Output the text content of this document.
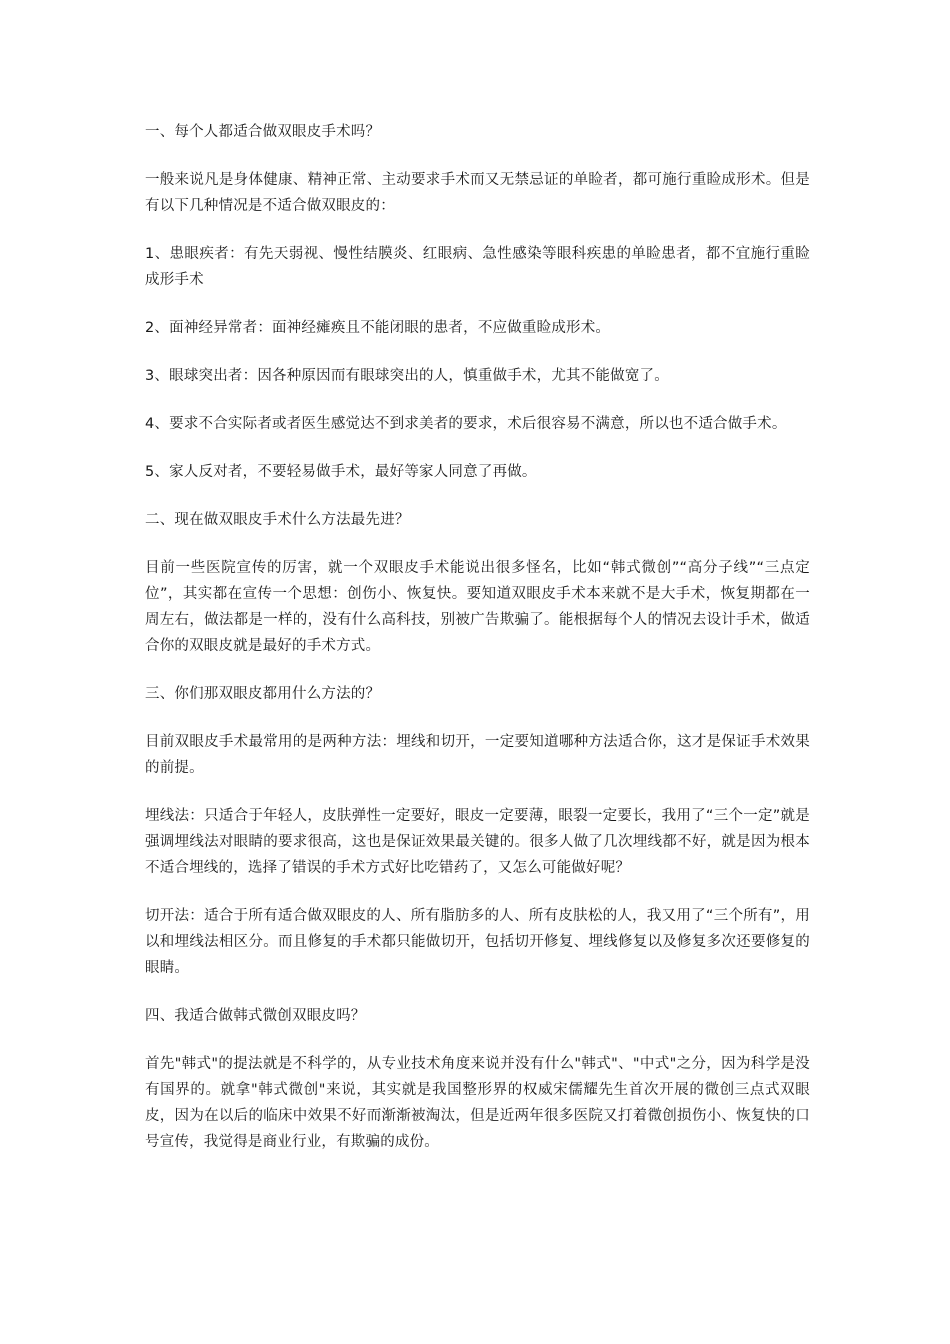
一、每个人都适合做双眼皮手术吗？

一般来说凡是身体健康、精神正常、主动要求手术而又无禁忌证的单睑者，都可施行重睑成形术。但是有以下几种情况是不适合做双眼皮的：

1、患眼疾者：有先天弱视、慢性结膜炎、红眼病、急性感染等眼科疾患的单睑患者，都不宜施行重睑成形手术

2、面神经异常者：面神经瘫痪且不能闭眼的患者，不应做重睑成形术。

3、眼球突出者：因各种原因而有眼球突出的人，慎重做手术，尤其不能做宽了。

4、要求不合实际者或者医生感觉达不到求美者的要求，术后很容易不满意，所以也不适合做手术。

5、家人反对者，不要轻易做手术，最好等家人同意了再做。

二、现在做双眼皮手术什么方法最先进？

目前一些医院宣传的厉害，就一个双眼皮手术能说出很多怪名，比如“韩式微创”“高分子线”“三点定位”，其实都在宣传一个思想：创伤小、恢复快。要知道双眼皮手术本来就不是大手术，恢复期都在一周左右，做法都是一样的，没有什么高科技，别被广告欺骗了。能根据每个人的情况去设计手术，做适合你的双眼皮就是最好的手术方式。

三、你们那双眼皮都用什么方法的？

目前双眼皮手术最常用的是两种方法：埋线和切开，一定要知道哪种方法适合你，这才是保证手术效果的前提。

埋线法：只适合于年轻人，皮肤弹性一定要好，眼皮一定要薄，眼裂一定要长，我用了“三个一定”就是强调埋线法对眼睛的要求很高，这也是保证效果最关键的。很多人做了几次埋线都不好，就是因为根本不适合埋线的，选择了错误的手术方式好比吃错药了，又怎么可能做好呢？

切开法：适合于所有适合做双眼皮的人、所有脂肪多的人、所有皮肤松的人，我又用了“三个所有”，用以和埋线法相区分。而且修复的手术都只能做切开，包括切开修复、埋线修复以及修复多次还要修复的眼睛。

四、我适合做韩式微创双眼皮吗？

首先"韩式"的提法就是不科学的，从专业技术角度来说并没有什么"韩式"、"中式"之分，因为科学是没有国界的。就拿"韩式微创"来说，其实就是我国整形界的权威宋儒耀先生首次开展的微创三点式双眼皮，因为在以后的临床中效果不好而渐渐被淘汰，但是近两年很多医院又打着微创损伤小、恢复快的口号宣传，我觉得是商业行业，有欺骗的成份。
